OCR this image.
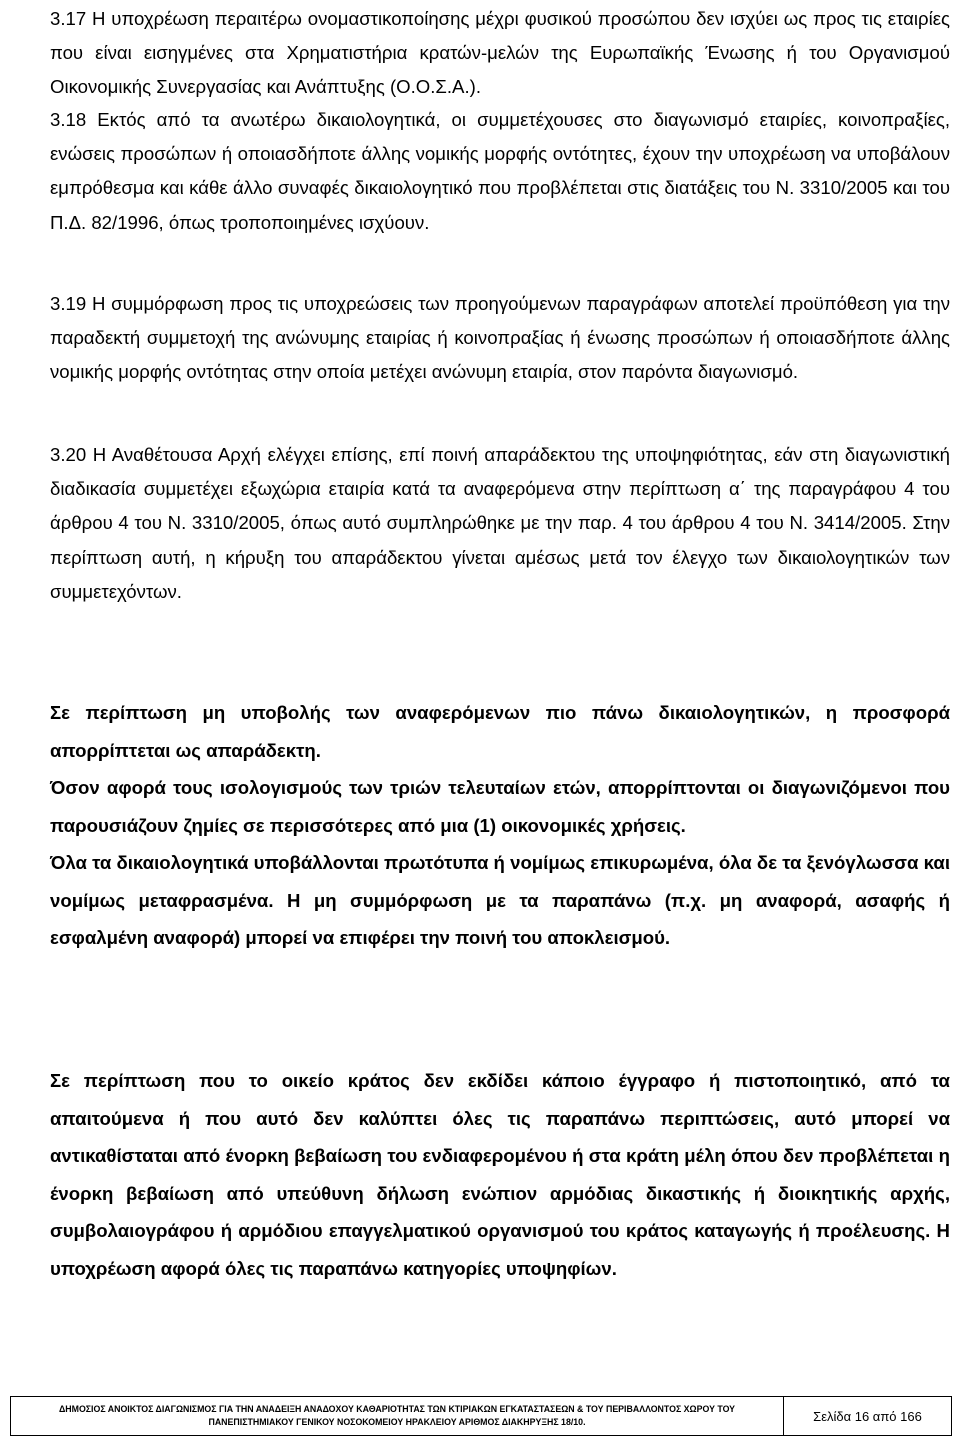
3.17 Η υποχρέωση περαιτέρω ονομαστικοποίησης μέχρι φυσικού προσώπου δεν ισχύει ως προς τις εταιρίες που είναι εισηγμένες στα Χρηματιστήρια κρατών-μελών της Ευρωπαϊκής Ένωσης ή του Οργανισμού Οικονομικής Συνεργασίας και Ανάπτυξης (Ο.Ο.Σ.Α.).

3.18 Εκτός από τα ανωτέρω δικαιολογητικά, οι συμμετέχουσες στο διαγωνισμό εταιρίες, κοινοπραξίες, ενώσεις προσώπων ή οποιασδήποτε άλλης νομικής μορφής οντότητες, έχουν την υποχρέωση να υποβάλουν εμπρόθεσμα και κάθε άλλο συναφές δικαιολογητικό που προβλέπεται στις διατάξεις του Ν. 3310/2005 και του Π.Δ. 82/1996, όπως τροποποιημένες ισχύουν.

3.19 Η συμμόρφωση προς τις υποχρεώσεις των προηγούμενων παραγράφων αποτελεί προϋπόθεση για την παραδεκτή συμμετοχή της ανώνυμης εταιρίας ή κοινοπραξίας ή ένωσης προσώπων ή οποιασδήποτε άλλης νομικής μορφής οντότητας στην οποία μετέχει ανώνυμη εταιρία, στον παρόντα διαγωνισμό.

3.20 Η Αναθέτουσα Αρχή ελέγχει επίσης, επί ποινή απαράδεκτου της υποψηφιότητας, εάν στη διαγωνιστική διαδικασία συμμετέχει εξωχώρια εταιρία κατά τα αναφερόμενα στην περίπτωση α΄ της παραγράφου 4 του άρθρου 4 του Ν. 3310/2005, όπως αυτό συμπληρώθηκε με την παρ. 4 του άρθρου 4 του Ν. 3414/2005. Στην περίπτωση αυτή, η κήρυξη του απαράδεκτου γίνεται αμέσως μετά τον έλεγχο των δικαιολογητικών των συμμετεχόντων.

Σε περίπτωση μη υποβολής των αναφερόμενων πιο πάνω δικαιολογητικών, η προσφορά απορρίπτεται ως απαράδεκτη.
Όσον αφορά τους ισολογισμούς των τριών τελευταίων ετών, απορρίπτονται οι διαγωνιζόμενοι που παρουσιάζουν ζημίες σε περισσότερες από μια (1) οικονομικές χρήσεις.
Όλα τα δικαιολογητικά υποβάλλονται πρωτότυπα ή νομίμως επικυρωμένα, όλα δε τα ξενόγλωσσα και νομίμως μεταφρασμένα. Η μη συμμόρφωση με τα παραπάνω (π.χ. μη αναφορά, ασαφής ή εσφαλμένη αναφορά) μπορεί να επιφέρει την ποινή του αποκλεισμού.
Σε περίπτωση που το οικείο κράτος δεν εκδίδει κάποιο έγγραφο ή πιστοποιητικό, από τα απαιτούμενα ή που αυτό δεν καλύπτει όλες τις παραπάνω περιπτώσεις, αυτό μπορεί να αντικαθίσταται από ένορκη βεβαίωση του ενδιαφερομένου ή στα κράτη μέλη όπου δεν προβλέπεται η ένορκη βεβαίωση από υπεύθυνη δήλωση ενώπιον αρμόδιας δικαστικής ή διοικητικής αρχής, συμβολαιογράφου ή αρμόδιου επαγγελματικού οργανισμού του κράτος καταγωγής ή προέλευσης. Η υποχρέωση αφορά όλες τις παραπάνω κατηγορίες υποψηφίων.
ΔΗΜΟΣΙΟΣ ΑΝΟΙΚΤΟΣ ΔΙΑΓΩΝΙΣΜΟΣ ΓΙΑ ΤΗΝ ΑΝΑΔΕΙΞΗ ΑΝΑΔΟΧΟΥ ΚΑΘΑΡΙΟΤΗΤΑΣ ΤΩΝ ΚΤΙΡΙΑΚΩΝ ΕΓΚΑΤΑΣΤΑΣΕΩΝ & ΤΟΥ ΠΕΡΙΒΑΛΛΟΝΤΟΣ ΧΩΡΟΥ ΤΟΥ
ΠΑΝΕΠΙΣΤΗΜΙΑΚΟΥ ΓΕΝΙΚΟΥ ΝΟΣΟΚΟΜΕΙΟΥ ΗΡΑΚΛΕΙΟΥ ΑΡΙΘΜΟΣ ΔΙΑΚΗΡΥΞΗΣ 18/10.	Σελίδα 16 από 166
